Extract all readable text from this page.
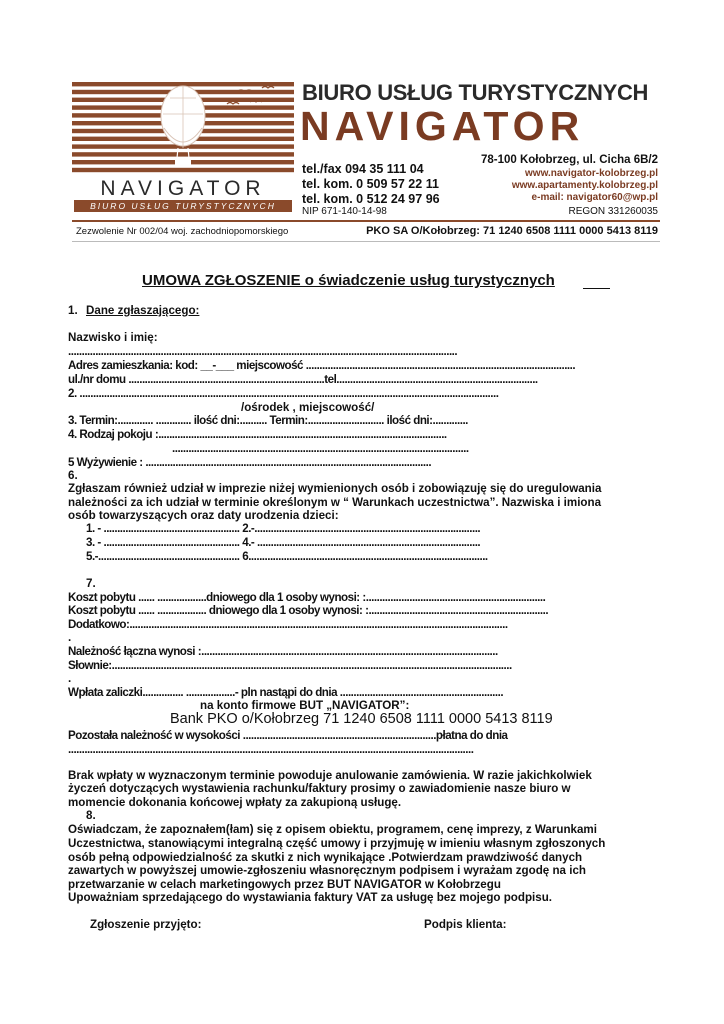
NAVIGATOR
BIURO USŁUG TURYSTYCZNYCH
BIURO USŁUG TURYSTYCZNYCH
NAVIGATOR
tel./fax 094 35 111 04
tel. kom. 0 509 57 22 11
tel. kom. 0 512 24 97 96
NIP 671-140-14-98
78-100 Kołobrzeg, ul. Cicha 6B/2
www.navigator-kolobrzeg.pl
www.apartamenty.kolobrzeg.pl
e-mail: navigator60@wp.pl
REGON 331260035
Zezwolenie Nr 002/04 woj. zachodniopomorskiego	PKO SA O/Kołobrzeg: 71 1240 6508 1111 0000 5413 8119
UMOWA ZGŁOSZENIE o świadczenie usług turystycznych
1. Dane zgłaszającego:
Nazwisko i imię:
...............................................................................................................................................
Adres zamieszkania: kod: __-___ miejscowość ...................................................................................................
ul./nr domu ........................................................................tel..........................................................................
2. ..........................................................................................................................................................
/ośrodek , miejscowość/
3. Termin:............. ............. ilość dni:.......... Termin:............................ ilość dni:.............
4. Rodzaj pokoju :..........................................................................................................
.............................................................................................................
5 Wyżywienie : .........................................................................................................
6.
Zgłaszam również udział w imprezie niżej wymienionych osób i zobowiązuję się do uregulowania
należności za ich udział w terminie określonym w “ Warunkach uczestnictwa”. Nazwiska i imiona
osób towarzyszących oraz daty urodzenia dzieci:
1. - .................................................. 2.-...................................................................................
3. - .................................................. 4.- ..................................................................................
5.-.................................................... 6........................................................................................
7.
Koszt pobytu ...... ..................dniowego dla 1 osoby wynosi: :..................................................................
Koszt pobytu ...... .................. dniowego dla 1 osoby wynosi: :..................................................................
Dodatkowo:...........................................................................................................................................
.
Należność łączna wynosi :.............................................................................................................
Słownie:...................................................................................................................................................
.
Wpłata zaliczki............... ..................- pln nastąpi do dnia ............................................................
na konto firmowe BUT „NAVIGATOR”:
Bank PKO o/Kołobrzeg 71 1240 6508 1111 0000 5413 8119
Pozostała należność w wysokości .......................................................................płatna do dnia
.....................................................................................................................................................
Brak wpłaty w wyznaczonym terminie powoduje anulowanie zamówienia. W razie jakichkolwiek
życzeń dotyczących wystawienia rachunku/faktury prosimy o zawiadomienie nasze biuro w
momencie dokonania końcowej wpłaty za zakupioną usługę.
8.
Oświadczam, że zapoznałem(łam) się z opisem obiektu, programem, cenę imprezy, z Warunkami
Uczestnictwa, stanowiącymi integralną część umowy i przyjmuję w imieniu własnym zgłoszonych
osób pełną odpowiedzialność za skutki z nich wynikające .Potwierdzam prawdziwość danych
zawartych w powyższej umowie-zgłoszeniu własnoręcznym podpisem i wyrażam zgodę na ich
przetwarzanie w celach marketingowych przez BUT NAVIGATOR w Kołobrzegu
Upoważniam sprzedającego do wystawiania faktury VAT za usługę bez mojego podpisu.
Zgłoszenie przyjęto:	Podpis klienta:
